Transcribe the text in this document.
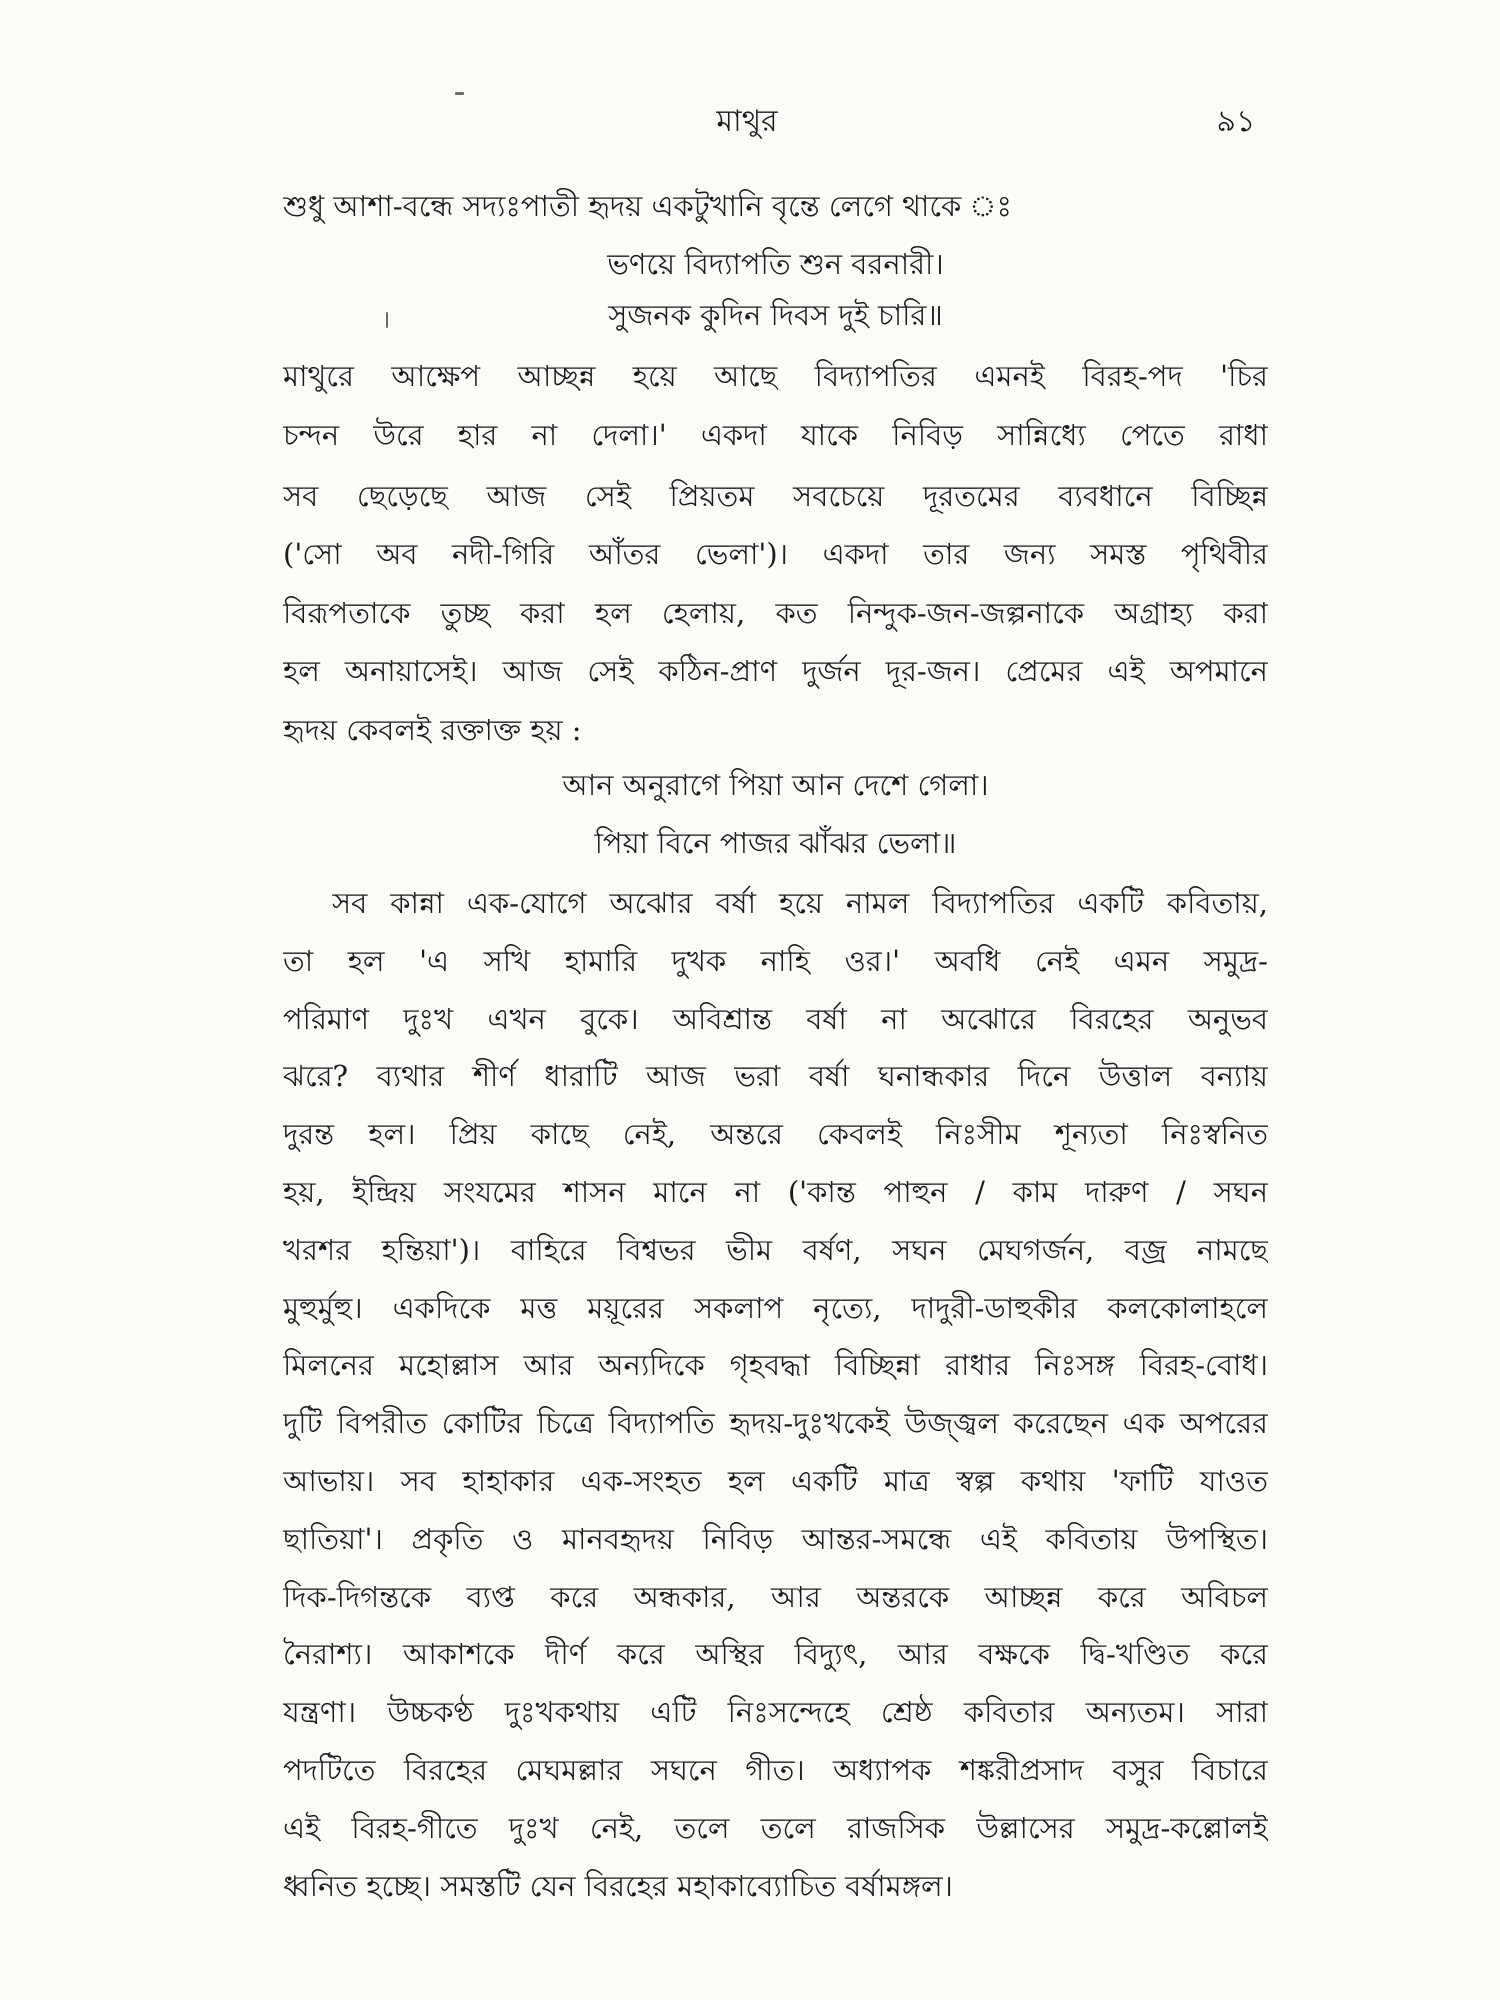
মাথুর	৯১
শুধু আশা-বন্ধে সদ্যঃপাতী হৃদয় একটুখানি বৃন্তে লেগে থাকে ঃ
ভণয়ে বিদ্যাপতি শুন বরনারী।
সুজনক কুদিন দিবস দুই চারি॥
মাথুরে আক্ষেপ আচ্ছন্ন হয়ে আছে বিদ্যাপতির এমনই বিরহ-পদ 'চির
চন্দন উরে হার না দেলা।' একদা যাকে নিবিড় সান্নিধ্যে পেতে রাধা
সব ছেড়েছে আজ সেই প্রিয়তম সবচেয়ে দূরতমের ব্যবধানে বিচ্ছিন্ন
('সো অব নদী-গিরি আঁতর ভেলা')। একদা তার জন্য সমস্ত পৃথিবীর
বিরূপতাকে তুচ্ছ করা হল হেলায়, কত নিন্দুক-জন-জল্পনাকে অগ্রাহ্য করা
হল অনায়াসেই। আজ সেই কঠিন-প্রাণ দুর্জন দূর-জন। প্রেমের এই অপমানে
হৃদয় কেবলই রক্তাক্ত হয় :
আন অনুরাগে পিয়া আন দেশে গেলা।
পিয়া বিনে পাজর ঝাঁঝর ভেলা॥
সব কান্না এক-যোগে অঝোর বর্ষা হয়ে নামল বিদ্যাপতির একটি কবিতায়,
তা হল 'এ সখি হামারি দুখক নাহি ওর।' অবধি নেই এমন সমুদ্র-
পরিমাণ দুঃখ এখন বুকে। অবিশ্রান্ত বর্ষা না অঝোরে বিরহের অনুভব
ঝরে? ব্যথার শীর্ণ ধারাটি আজ ভরা বর্ষা ঘনান্ধকার দিনে উত্তাল বন্যায়
দুরন্ত হল। প্রিয় কাছে নেই, অন্তরে কেবলই নিঃসীম শূন্যতা নিঃস্বনিত
হয়, ইন্দ্রিয় সংযমের শাসন মানে না ('কান্ত পাহুন / কাম দারুণ / সঘন
খরশর হন্তিয়া')। বাহিরে বিশ্বভর ভীম বর্ষণ, সঘন মেঘগর্জন, বজ্র নামছে
মুহুর্মুহু। একদিকে মত্ত ময়ূরের সকলাপ নৃত্যে, দাদুরী-ডাহুকীর কলকোলাহলে
মিলনের মহোল্লাস আর অন্যদিকে গৃহবদ্ধা বিচ্ছিন্না রাধার নিঃসঙ্গ বিরহ-বোধ।
দুটি বিপরীত কোটির চিত্রে বিদ্যাপতি হৃদয়-দুঃখকেই উজ্জ্বল করেছেন এক অপরের
আভায়। সব হাহাকার এক-সংহত হল একটি মাত্র স্বল্প কথায় 'ফাটি যাওত
ছাতিয়া'। প্রকৃতি ও মানবহৃদয় নিবিড় আন্তর-সমন্ধে এই কবিতায় উপস্থিত।
দিক-দিগন্তকে ব্যপ্ত করে অন্ধকার, আর অন্তরকে আচ্ছন্ন করে অবিচল
নৈরাশ্য। আকাশকে দীর্ণ করে অস্থির বিদ্যুৎ, আর বক্ষকে দ্বি-খণ্ডিত করে
যন্ত্রণা। উচ্চকণ্ঠ দুঃখকথায় এটি নিঃসন্দেহে শ্রেষ্ঠ কবিতার অন্যতম। সারা
পদটিতে বিরহের মেঘমল্লার সঘনে গীত। অধ্যাপক শঙ্করীপ্রসাদ বসুর বিচারে
এই বিরহ-গীতে দুঃখ নেই, তলে তলে রাজসিক উল্লাসের সমুদ্র-কল্লোলই
ধ্বনিত হচ্ছে। সমস্তটি যেন বিরহের মহাকাব্যোচিত বর্ষামঙ্গল।
